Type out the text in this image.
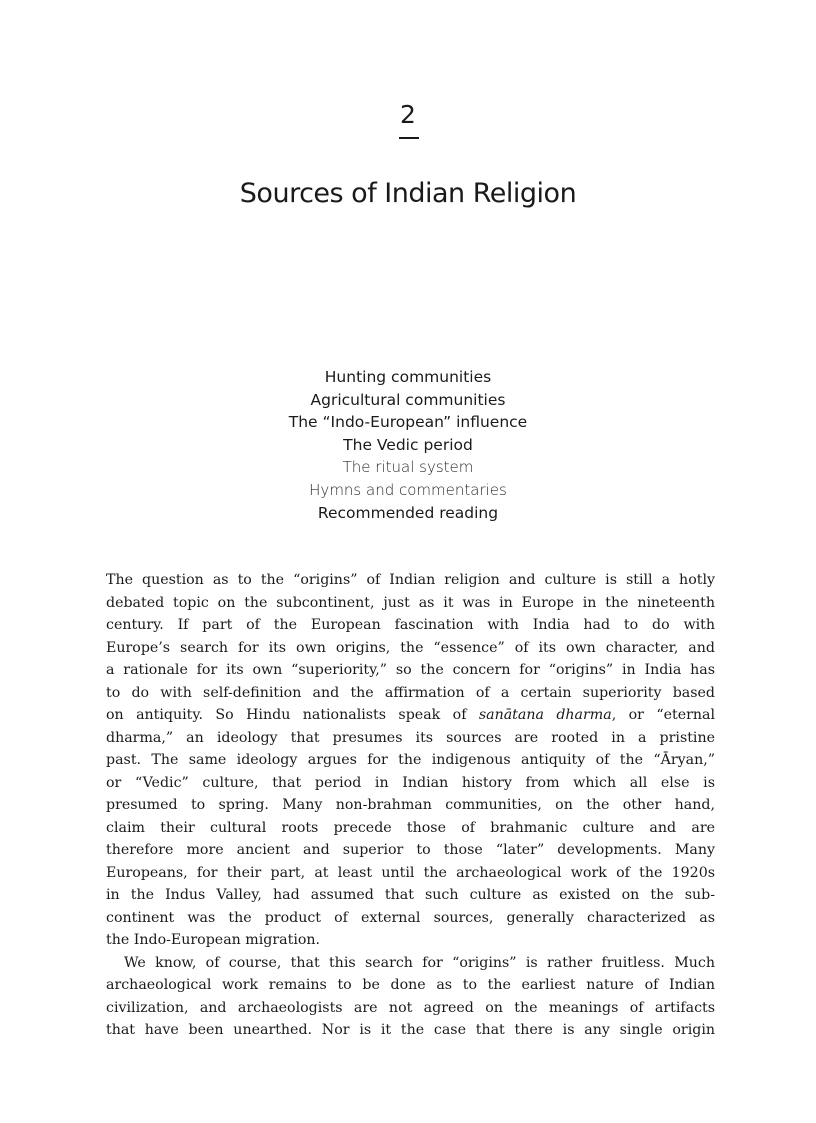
2
Sources of Indian Religion
Hunting communities
Agricultural communities
The “Indo-European” influence
The Vedic period
The ritual system
Hymns and commentaries
Recommended reading

The question as to the “origins” of Indian religion and culture is still a hotly
debated topic on the subcontinent, just as it was in Europe in the nineteenth
century. If part of the European fascination with India had to do with
Europe’s search for its own origins, the “essence” of its own character, and
a rationale for its own “superiority,” so the concern for “origins” in India has
to do with self-definition and the affirmation of a certain superiority based
on antiquity. So Hindu nationalists speak of sanātana dharma, or “eternal
dharma,” an ideology that presumes its sources are rooted in a pristine
past. The same ideology argues for the indigenous antiquity of the “Āryan,”
or “Vedic” culture, that period in Indian history from which all else is
presumed to spring. Many non-brahman communities, on the other hand,
claim their cultural roots precede those of brahmanic culture and are
therefore more ancient and superior to those “later” developments. Many
Europeans, for their part, at least until the archaeological work of the 1920s
in the Indus Valley, had assumed that such culture as existed on the sub-
continent was the product of external sources, generally characterized as
the Indo-European migration.

We know, of course, that this search for “origins” is rather fruitless. Much
archaeological work remains to be done as to the earliest nature of Indian
civilization, and archaeologists are not agreed on the meanings of artifacts
that have been unearthed. Nor is it the case that there is any single origin
